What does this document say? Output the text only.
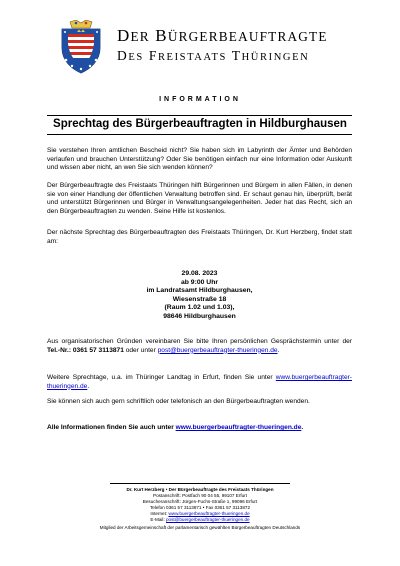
DER BÜRGERBEAUFTRAGTE
DES FREISTAATS THÜRINGEN
INFORMATION
Sprechtag des Bürgerbeauftragten in Hildburghausen
Sie verstehen Ihren amtlichen Bescheid nicht? Sie haben sich im Labyrinth der Ämter und Behörden verlaufen und brauchen Unterstützung? Oder Sie benötigen einfach nur eine Information oder Auskunft und wissen aber nicht, an wen Sie sich wenden können?
Der Bürgerbeauftragte des Freistaats Thüringen hilft Bürgerinnen und Bürgern in allen Fällen, in denen sie von einer Handlung der öffentlichen Verwaltung betroffen sind. Er schaut genau hin, überprüft, berät und unterstützt Bürgerinnen und Bürger in Verwaltungsangelegenheiten. Jeder hat das Recht, sich an den Bürgerbeauftragten zu wenden. Seine Hilfe ist kostenlos.
Der nächste Sprechtag des Bürgerbeauftragten des Freistaats Thüringen, Dr. Kurt Herzberg, findet statt am:
29.08. 2023
ab 9:00 Uhr
im Landratsamt Hildburghausen,
Wiesenstraße 18
(Raum 1.02 und 1.03),
98646 Hildburghausen
Aus organisatorischen Gründen vereinbaren Sie bitte Ihren persönlichen Gesprächstermin unter der Tel.-Nr.: 0361 57 3113871 oder unter post@buergerbeauftragter-thueringen.de.
Weitere Sprechtage, u.a. im Thüringer Landtag in Erfurt, finden Sie unter www.buergerbeauftragter-thueringen.de.
Sie können sich auch gern schriftlich oder telefonisch an den Bürgerbeauftragten wenden.
Alle Informationen finden Sie auch unter www.buergerbeauftragter-thueringen.de.
Dr. Kurt Herzberg • Der Bürgerbeauftragte des Freistaats Thüringen
Postanschrift: Postfach 90 04 55, 99107 Erfurt
Besucheranschrift: Jürgen-Fuchs-Straße 1, 99096 Erfurt
Telefon 0361 57 3113871 • Fax 0361 57 3113872
Internet: www.buergerbeauftragter-thueringen.de
E-Mail: post@buergerbeauftragter-thueringen.de
Mitglied der Arbeitsgemeinschaft der parlamentarisch gewählten Bürgerbeauftragten Deutschlands
